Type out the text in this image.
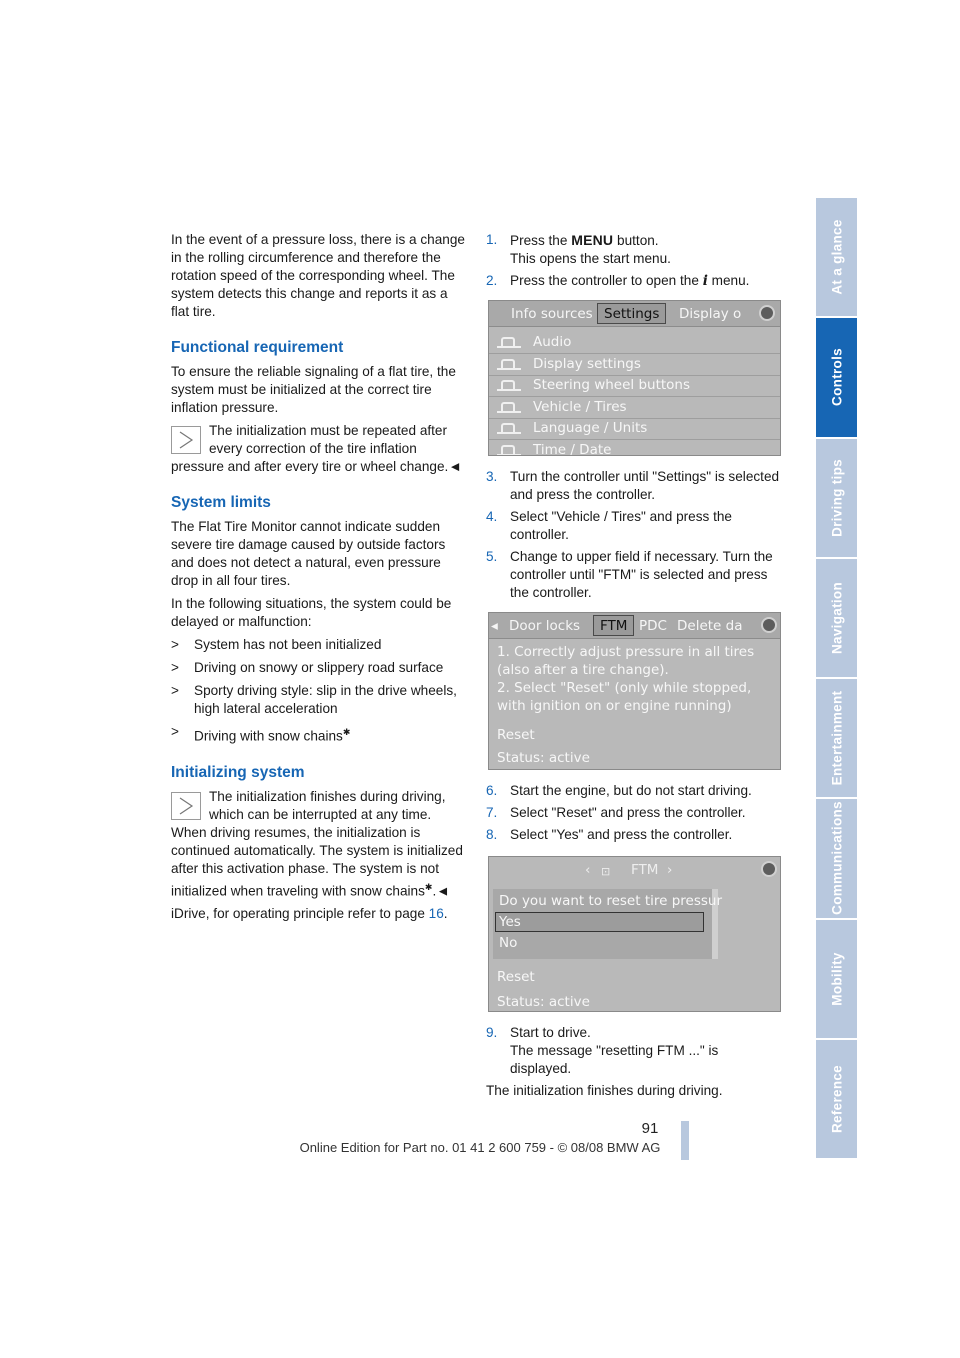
At a glance
Controls
Driving tips
Navigation
Entertainment
Communications
Mobility
Reference

In the event of a pressure loss, there is a change in the rolling circumference and therefore the rotation speed of the corresponding wheel. The system detects this change and reports it as a flat tire.

Functional requirement

To ensure the reliable signaling of a flat tire, the system must be initialized at the correct tire inflation pressure.

The initialization must be repeated after every correction of the tire inflation pressure and after every tire or wheel change.◄
System limits

The Flat Tire Monitor cannot indicate sudden severe tire damage caused by outside factors and does not detect a natural, even pressure drop in all four tires.

In the following situations, the system could be delayed or malfunction:

> System has not been initialized
> Driving on snowy or slippery road surface
> Sporty driving style: slip in the drive wheels, high lateral acceleration
> Driving with snow chains✱
Initializing system
The initialization finishes during driving, which can be interrupted at any time. When driving resumes, the initialization is continued automatically. The system is initialized after this activation phase. The system is not initialized when traveling with snow chains✱.◄

iDrive, for operating principle refer to page 16.

1. Press the MENU button.
This opens the start menu.
2. Press the controller to open the i menu.
Info sources Settings	Display o
Audio
Display settings
Steering wheel buttons
Vehicle / Tires
Language / Units
Time / Date
3. Turn the controller until "Settings" is selected and press the controller.
4. Select "Vehicle / Tires" and press the controller.
5. Change to upper field if necessary. Turn the controller until "FTM" is selected and press the controller.
◂ Door locks	FTM PDC Delete da
1. Correctly adjust pressure in all tires
(also after a tire change).
2. Select "Reset" (only while stopped,
with ignition on or engine running)
Reset
Status: active
6. Start the engine, but do not start driving.
7. Select "Reset" and press the controller.
8. Select "Yes" and press the controller.
‹ ⊡ FTM ›
Do you want to reset tire pressur
Yes
No
Reset
Status: active
9. Start to drive.
The message "resetting FTM ..." is displayed.

The initialization finishes during driving.

91
Online Edition for Part no. 01 41 2 600 759 - © 08/08 BMW AG
